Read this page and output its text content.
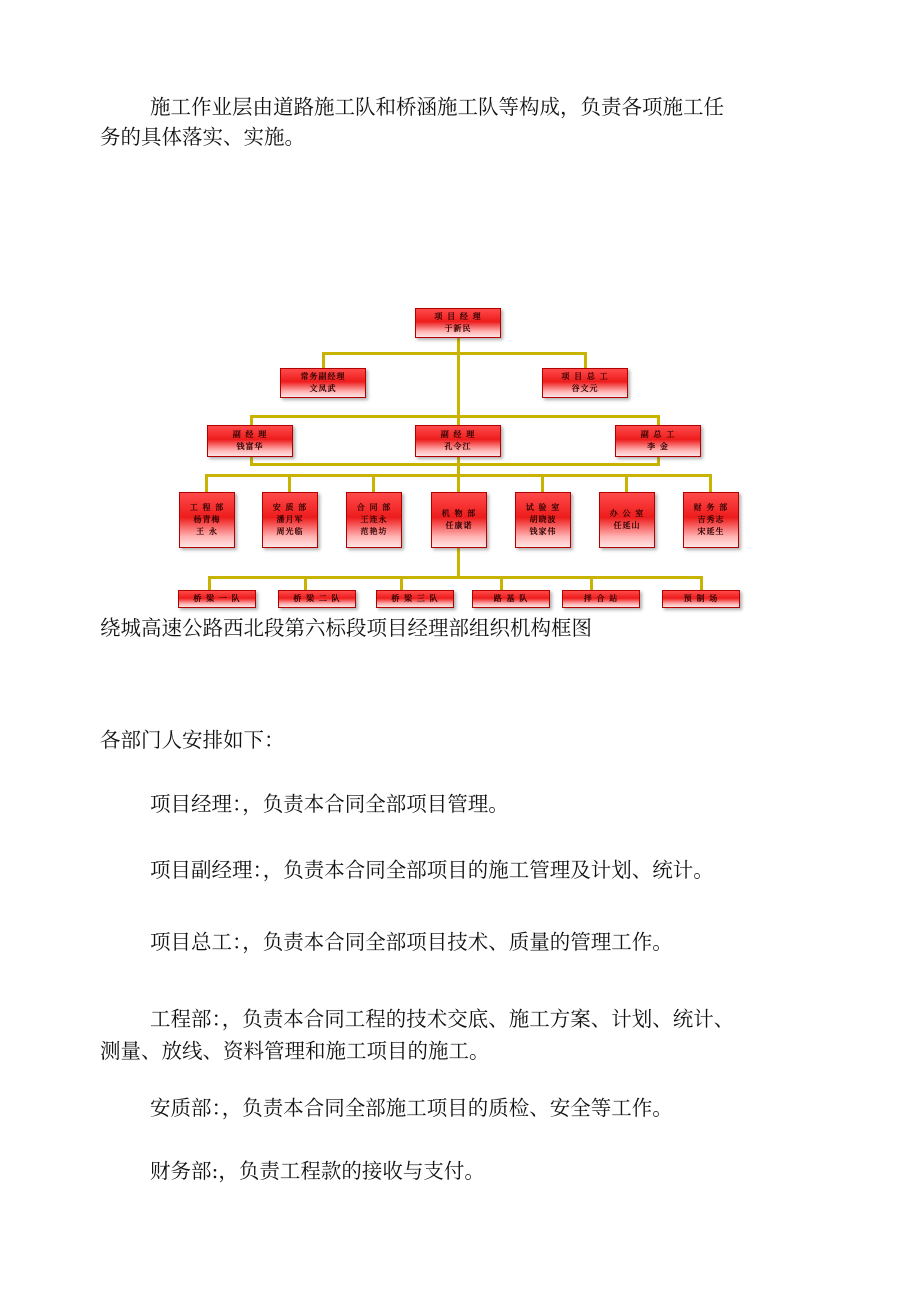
施工作业层由道路施工队和桥涵施工队等构成，负责各项施工任

务的具体落实、实施。

项 目 经 理
于新民
常务副经理
文凤武
项 目 总 工
谷文元
副 经 理
钱富华
副 经 理
孔令江
副 总 工
李 金
工 程 部
杨青梅
王 永
安 质 部
潘月军
周光临
合 同 部
王连永
范艳坊
机 物 部
任康诺
试 验 室
胡晓波
钱家伟
办 公 室
任延山
财 务 部
吉秀志
宋延生
桥 梁 一 队	桥 梁 二 队	桥 梁 三 队	路 基 队	拌 合 站	预 制 场

绕城高速公路西北段第六标段项目经理部组织机构框图

各部门人安排如下：

项目经理：，负责本合同全部项目管理。

项目副经理：，负责本合同全部项目的施工管理及计划、统计。

项目总工：，负责本合同全部项目技术、质量的管理工作。

工程部：，负责本合同工程的技术交底、施工方案、计划、统计、

测量、放线、资料管理和施工项目的施工。

安质部：，负责本合同全部施工项目的质检、安全等工作。

财务部:，负责工程款的接收与支付。
